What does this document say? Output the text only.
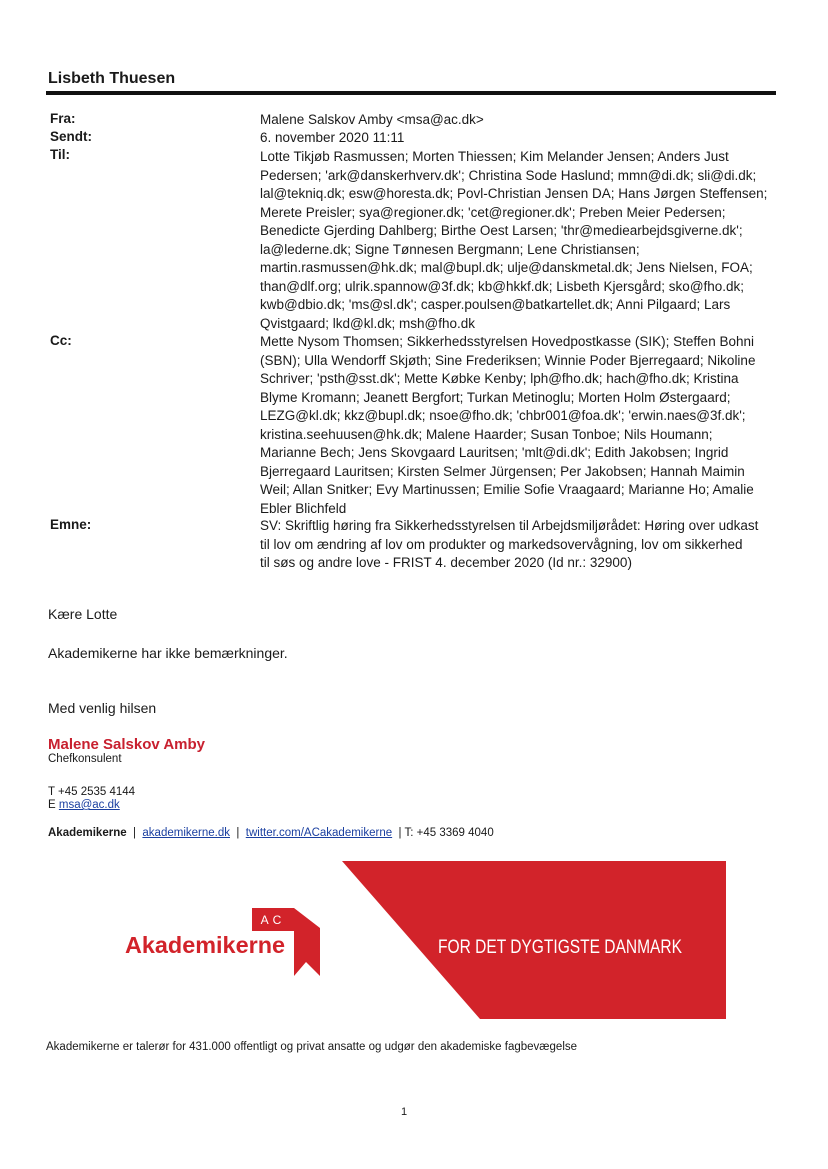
Lisbeth Thuesen
Fra:
Sendt:
Til:
Cc:
Emne:
Malene Salskov Amby <msa@ac.dk>
6. november 2020 11:11
Lotte Tikjøb Rasmussen; Morten Thiessen; Kim Melander Jensen; Anders Just
Pedersen; 'ark@danskerhverv.dk'; Christina Sode Haslund; mmn@di.dk; sli@di.dk;
lal@tekniq.dk; esw@horesta.dk; Povl-Christian Jensen DA; Hans Jørgen Steffensen;
Merete Preisler; sya@regioner.dk; 'cet@regioner.dk'; Preben Meier Pedersen;
Benedicte Gjerding Dahlberg; Birthe Oest Larsen; 'thr@mediearbejdsgiverne.dk';
la@lederne.dk; Signe Tønnesen Bergmann; Lene Christiansen;
martin.rasmussen@hk.dk; mal@bupl.dk; ulje@danskmetal.dk; Jens Nielsen, FOA;
than@dlf.org; ulrik.spannow@3f.dk; kb@hkkf.dk; Lisbeth Kjersgård; sko@fho.dk;
kwb@dbio.dk; 'ms@sl.dk'; casper.poulsen@batkartellet.dk; Anni Pilgaard; Lars
Qvistgaard; lkd@kl.dk; msh@fho.dk
Mette Nysom Thomsen; Sikkerhedsstyrelsen Hovedpostkasse (SIK); Steffen Bohni
(SBN); Ulla Wendorff Skjøth; Sine Frederiksen; Winnie Poder Bjerregaard; Nikoline
Schriver; 'psth@sst.dk'; Mette Købke Kenby; lph@fho.dk; hach@fho.dk; Kristina
Blyme Kromann; Jeanett Bergfort; Turkan Metinoglu; Morten Holm Østergaard;
LEZG@kl.dk; kkz@bupl.dk; nsoe@fho.dk; 'chbr001@foa.dk'; 'erwin.naes@3f.dk';
kristina.seehuusen@hk.dk; Malene Haarder; Susan Tonboe; Nils Houmann;
Marianne Bech; Jens Skovgaard Lauritsen; 'mlt@di.dk'; Edith Jakobsen; Ingrid
Bjerregaard Lauritsen; Kirsten Selmer Jürgensen; Per Jakobsen; Hannah Maimin
Weil; Allan Snitker; Evy Martinussen; Emilie Sofie Vraagaard; Marianne Ho; Amalie
Ebler Blichfeld
SV: Skriftlig høring fra Sikkerhedsstyrelsen til Arbejdsmiljørådet: Høring over udkast
til lov om ændring af lov om produkter og markedsovervågning, lov om sikkerhed
til søs og andre love - FRIST 4. december 2020 (Id nr.: 32900)
Kære Lotte
Akademikerne har ikke bemærkninger.
Med venlig hilsen
Malene Salskov Amby
Chefkonsulent
T +45 2535 4144
E msa@ac.dk
Akademikerne  |  akademikerne.dk  |  twitter.com/ACakademikerne  | T: +45 3369 4040
FOR DET DYGTIGSTE DANMARK
AC
Akademikerne
Akademikerne er talerør for 431.000 offentligt og privat ansatte og udgør den akademiske fagbevægelse
1
